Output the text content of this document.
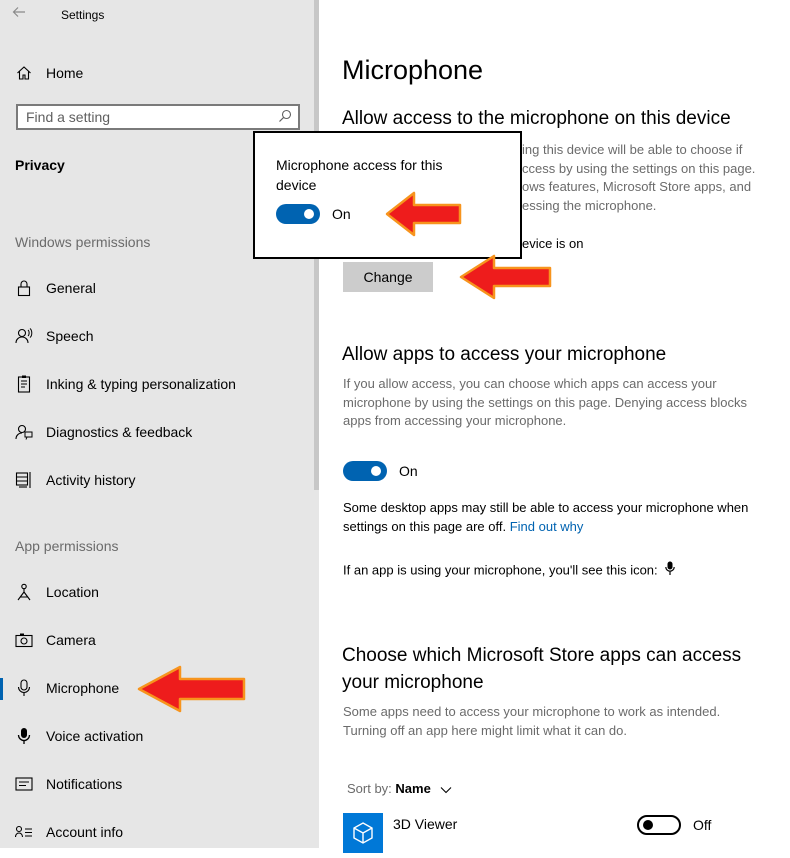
Settings
Home
Find a setting
Privacy
Windows permissions
General
Speech
Inking & typing personalization
Diagnostics & feedback
Activity history
App permissions
Location
Camera
Microphone
Voice activation
Notifications
Account info
Microphone
Allow access to the microphone on this device
ing this device will be able to choose if
ccess by using the settings on this page.
ows features, Microsoft Store apps, and
essing the microphone.
evice is on
Change
Allow apps to access your microphone
If you allow access, you can choose which apps can access your
microphone by using the settings on this page. Denying access blocks
apps from accessing your microphone.
On
Some desktop apps may still be able to access your microphone when
settings on this page are off. Find out why
If an app is using your microphone, you'll see this icon:
Choose which Microsoft Store apps can access
your microphone
Some apps need to access your microphone to work as intended.
Turning off an app here might limit what it can do.
Sort by: Name
3D Viewer	Off
Microphone access for this device
On
